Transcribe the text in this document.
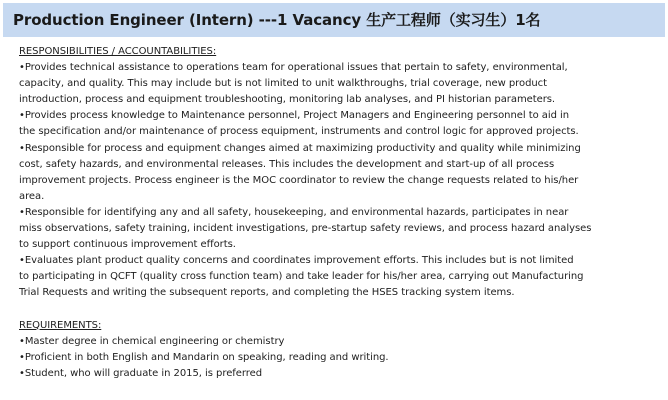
Production Engineer (Intern) ---1 Vacancy 生产工程师（实习生）1名
RESPONSIBILITIES / ACCOUNTABILITIES:
•Provides technical assistance to operations team for operational issues that pertain to safety, environmental,
capacity, and quality. This may include but is not limited to unit walkthroughs, trial coverage, new product
introduction, process and equipment troubleshooting, monitoring lab analyses, and PI historian parameters.
•Provides process knowledge to Maintenance personnel, Project Managers and Engineering personnel to aid in
the specification and/or maintenance of process equipment, instruments and control logic for approved projects.
•Responsible for process and equipment changes aimed at maximizing productivity and quality while minimizing
cost, safety hazards, and environmental releases. This includes the development and start-up of all process
improvement projects. Process engineer is the MOC coordinator to review the change requests related to his/her
area.
•Responsible for identifying any and all safety, housekeeping, and environmental hazards, participates in near
miss observations, safety training, incident investigations, pre-startup safety reviews, and process hazard analyses
to support continuous improvement efforts.
•Evaluates plant product quality concerns and coordinates improvement efforts. This includes but is not limited
to participating in QCFT (quality cross function team) and take leader for his/her area, carrying out Manufacturing
Trial Requests and writing the subsequent reports, and completing the HSES tracking system items.
REQUIREMENTS:
•Master degree in chemical engineering or chemistry
•Proficient in both English and Mandarin on speaking, reading and writing.
•Student, who will graduate in 2015, is preferred
